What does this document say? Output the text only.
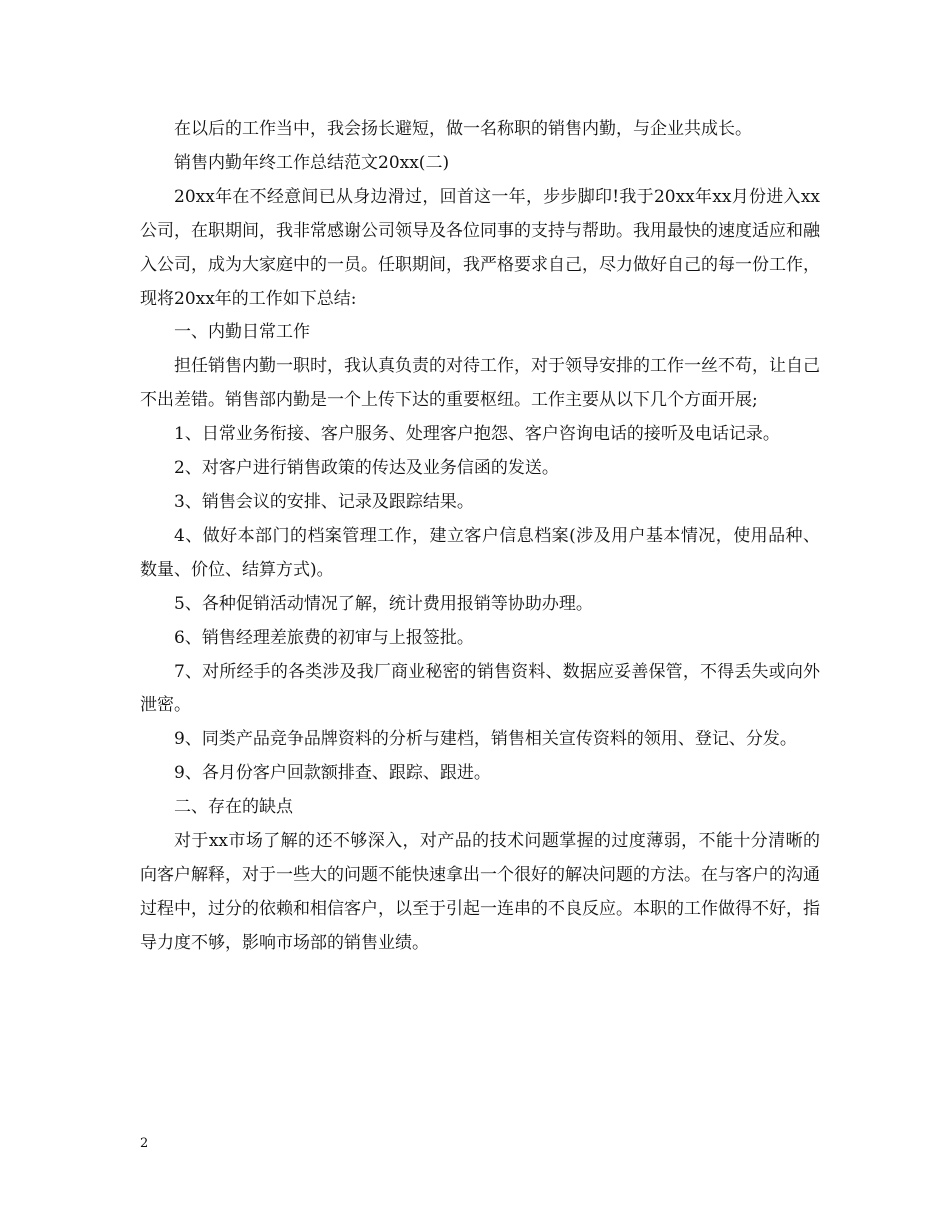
在以后的工作当中，我会扬长避短，做一名称职的销售内勤，与企业共成长。

销售内勤年终工作总结范文20xx(二)

20xx年在不经意间已从身边滑过，回首这一年，步步脚印!我于20xx年xx月份进入xx公司，在职期间，我非常感谢公司领导及各位同事的支持与帮助。我用最快的速度适应和融入公司，成为大家庭中的一员。任职期间，我严格要求自己，尽力做好自己的每一份工作，现将20xx年的工作如下总结:

一、内勤日常工作

担任销售内勤一职时，我认真负责的对待工作，对于领导安排的工作一丝不苟，让自己不出差错。销售部内勤是一个上传下达的重要枢纽。工作主要从以下几个方面开展;

1、日常业务衔接、客户服务、处理客户抱怨、客户咨询电话的接听及电话记录。

2、对客户进行销售政策的传达及业务信函的发送。

3、销售会议的安排、记录及跟踪结果。

4、做好本部门的档案管理工作，建立客户信息档案(涉及用户基本情况，使用品种、数量、价位、结算方式)。

5、各种促销活动情况了解，统计费用报销等协助办理。

6、销售经理差旅费的初审与上报签批。

7、对所经手的各类涉及我厂商业秘密的销售资料、数据应妥善保管，不得丢失或向外泄密。

9、同类产品竞争品牌资料的分析与建档，销售相关宣传资料的领用、登记、分发。

9、各月份客户回款额排查、跟踪、跟进。

二、存在的缺点

对于xx市场了解的还不够深入，对产品的技术问题掌握的过度薄弱，不能十分清晰的向客户解释，对于一些大的问题不能快速拿出一个很好的解决问题的方法。在与客户的沟通过程中，过分的依赖和相信客户，以至于引起一连串的不良反应。本职的工作做得不好，指导力度不够，影响市场部的销售业绩。

2
